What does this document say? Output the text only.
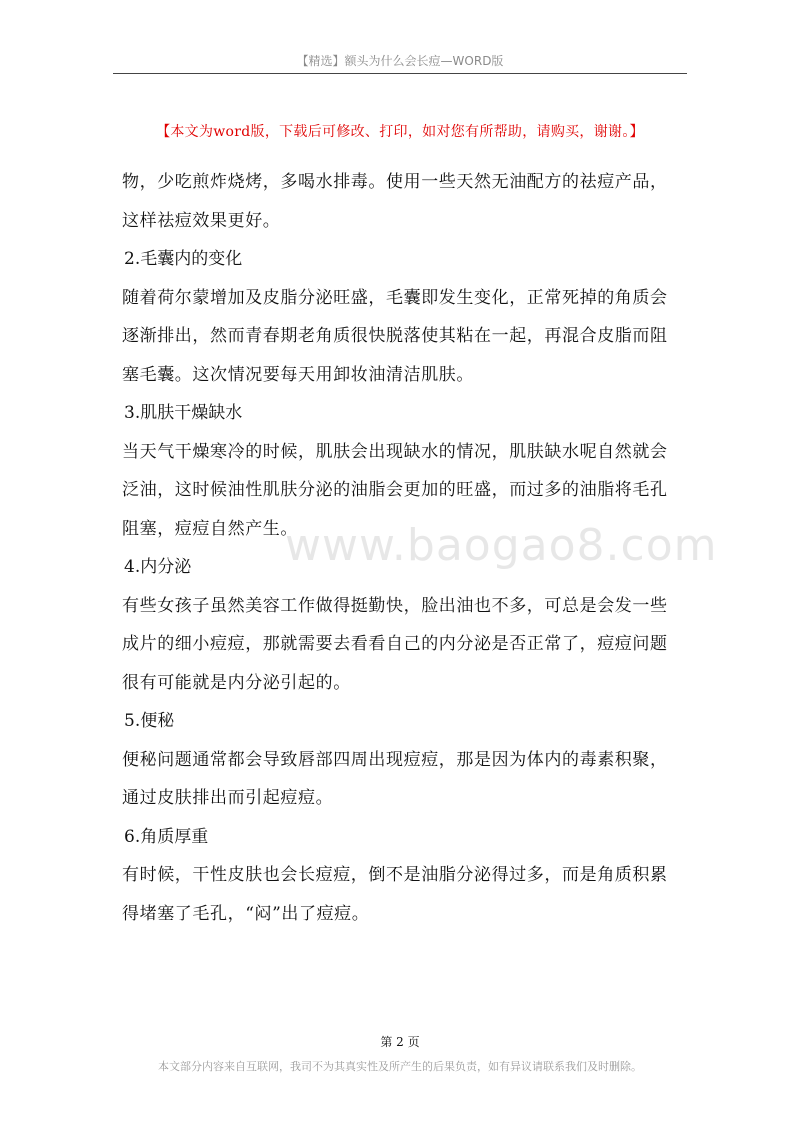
【精选】额头为什么会长痘—WORD版
【本文为word版，下载后可修改、打印，如对您有所帮助，请购买，谢谢。】

物，少吃煎炸烧烤，多喝水排毒。使用一些天然无油配方的祛痘产品，这样祛痘效果更好。

2.毛囊内的变化

随着荷尔蒙增加及皮脂分泌旺盛，毛囊即发生变化，正常死掉的角质会逐渐排出，然而青春期老角质很快脱落使其粘在一起，再混合皮脂而阻塞毛囊。这次情况要每天用卸妆油清洁肌肤。

3.肌肤干燥缺水

当天气干燥寒冷的时候，肌肤会出现缺水的情况，肌肤缺水呢自然就会泛油，这时候油性肌肤分泌的油脂会更加的旺盛，而过多的油脂将毛孔阻塞，痘痘自然产生。

4.内分泌

有些女孩子虽然美容工作做得挺勤快，脸出油也不多，可总是会发一些成片的细小痘痘，那就需要去看看自己的内分泌是否正常了，痘痘问题很有可能就是内分泌引起的。

5.便秘

便秘问题通常都会导致唇部四周出现痘痘，那是因为体内的毒素积聚，通过皮肤排出而引起痘痘。

6.角质厚重

有时候，干性皮肤也会长痘痘，倒不是油脂分泌得过多，而是角质积累得堵塞了毛孔，“闷”出了痘痘。

www.baogao8.com
第 2 页
本文部分内容来自互联网，我司不为其真实性及所产生的后果负责，如有异议请联系我们及时删除。
